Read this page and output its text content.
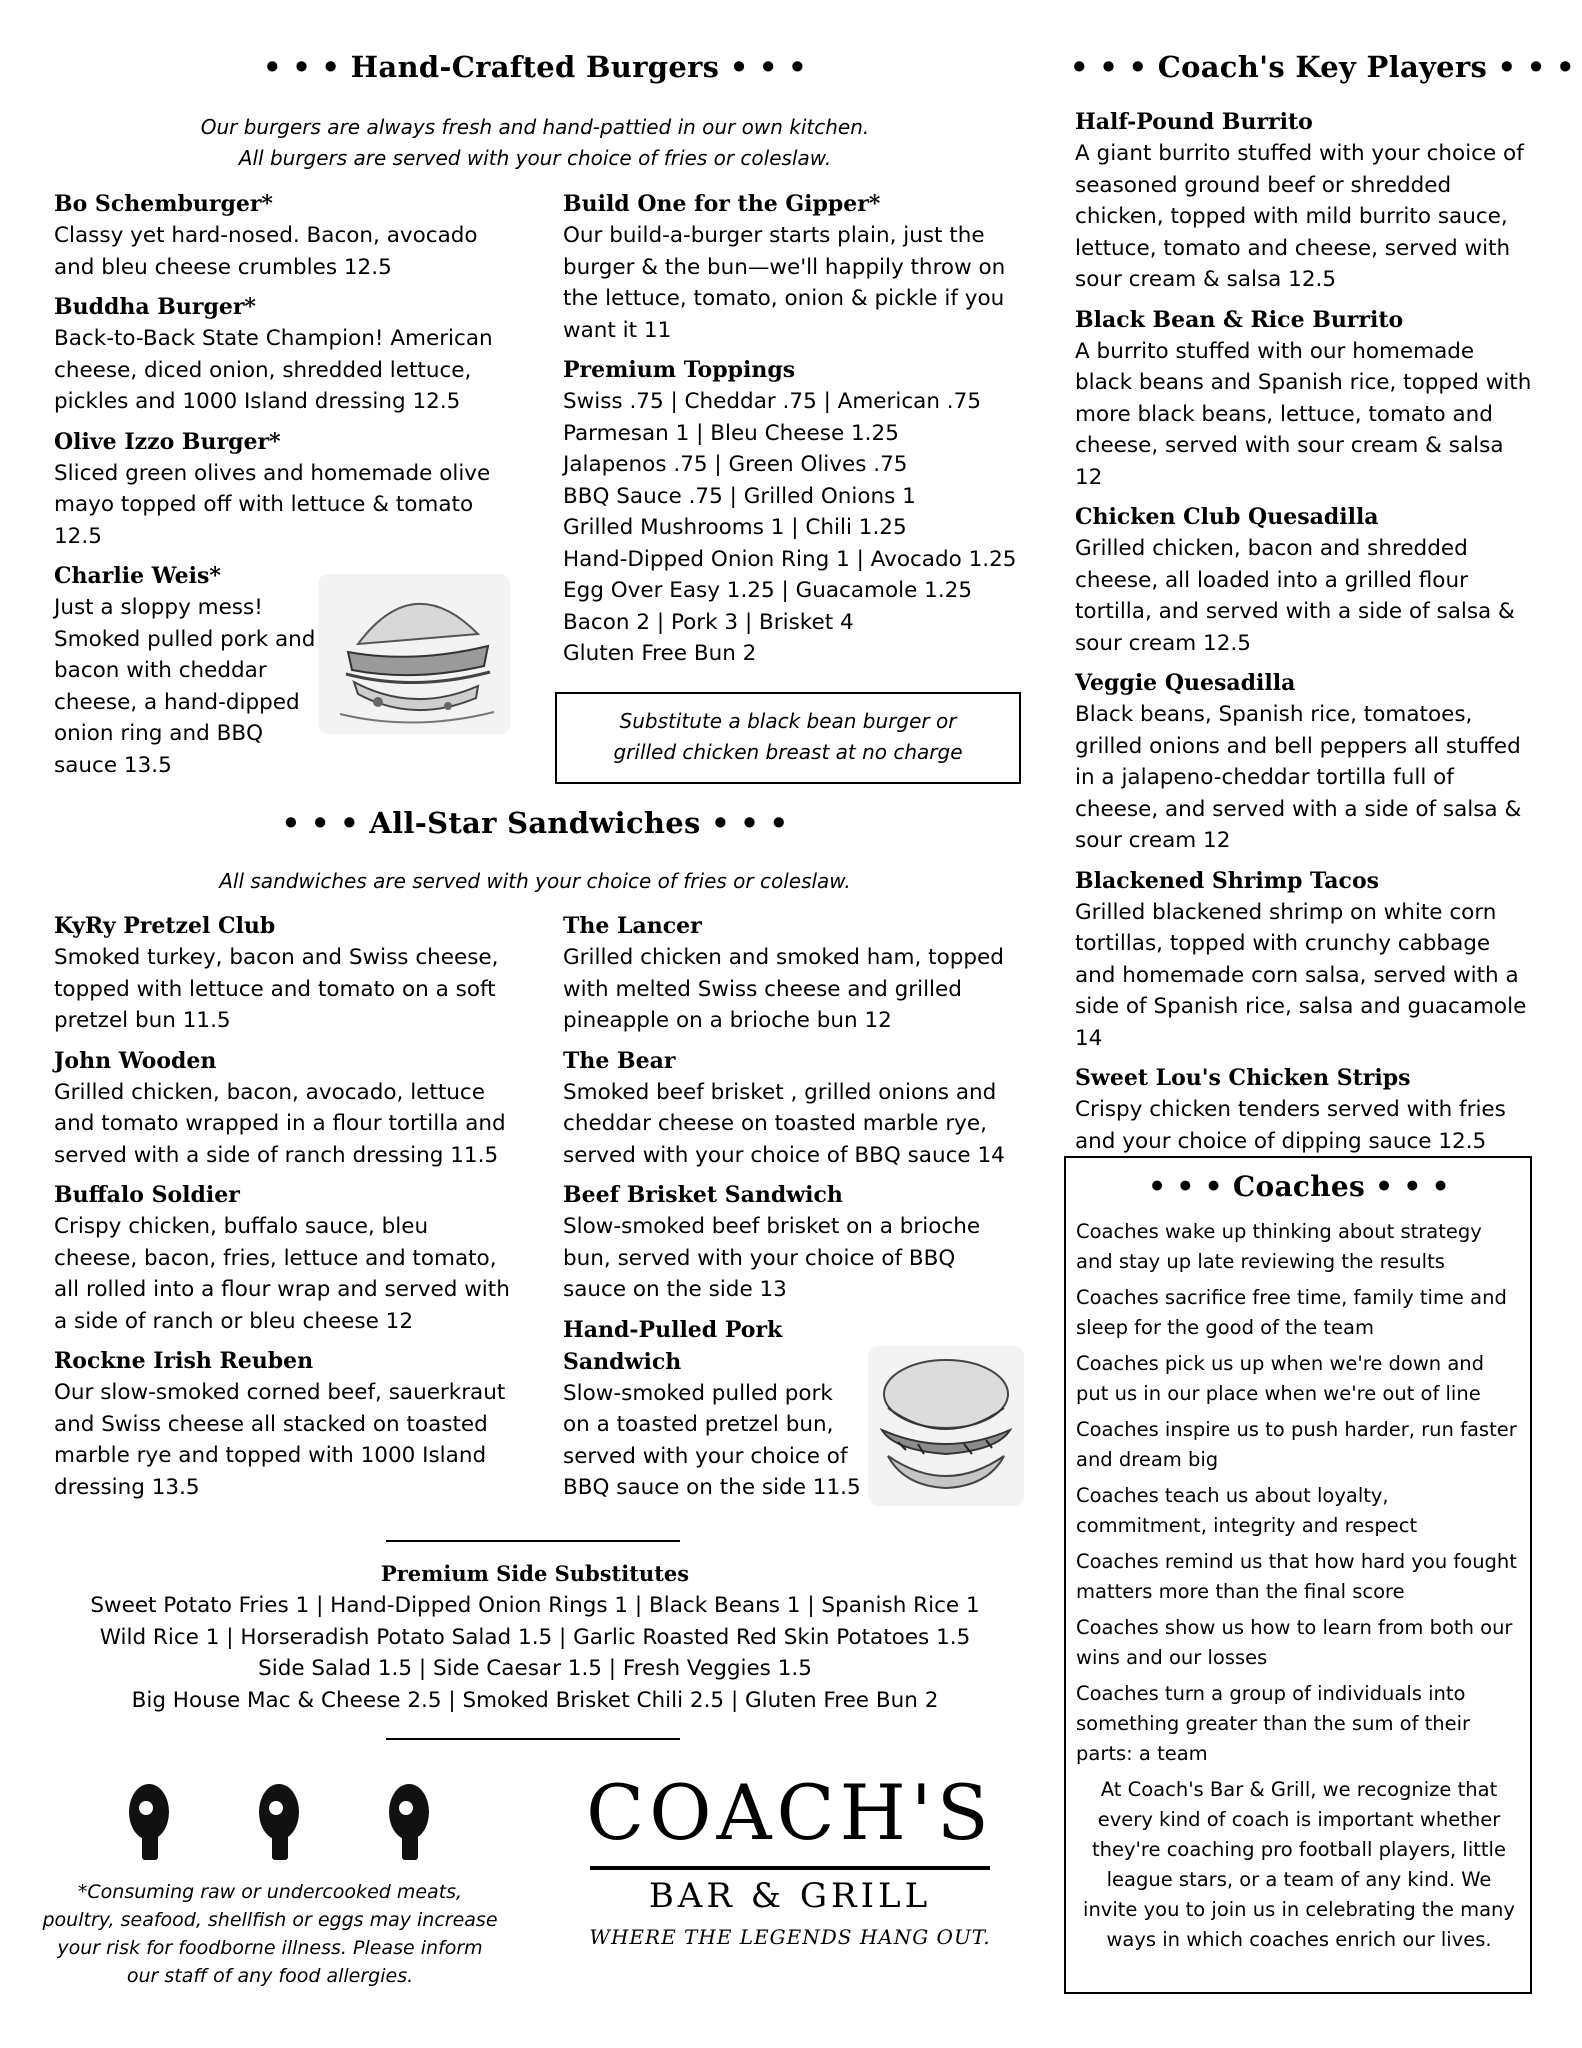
• • • Hand-Crafted Burgers • • •
Our burgers are always fresh and hand-pattied in our own kitchen.
All burgers are served with your choice of fries or coleslaw.
Bo Schemburger*
Classy yet hard-nosed. Bacon, avocado and bleu cheese crumbles 12.5
Buddha Burger*
Back-to-Back State Champion! American cheese, diced onion, shredded lettuce, pickles and 1000 Island dressing 12.5
Olive Izzo Burger*
Sliced green olives and homemade olive mayo topped off with lettuce & tomato 12.5
Charlie Weis*
Just a sloppy mess! Smoked pulled pork and bacon with cheddar cheese, a hand-dipped onion ring and BBQ sauce 13.5
Build One for the Gipper*
Our build-a-burger starts plain, just the burger & the bun—we'll happily throw on the lettuce, tomato, onion & pickle if you want it 11
Premium Toppings
Swiss .75 | Cheddar .75 | American .75
Parmesan 1 | Bleu Cheese 1.25
Jalapenos .75 | Green Olives .75
BBQ Sauce .75 | Grilled Onions 1
Grilled Mushrooms 1 | Chili 1.25
Hand-Dipped Onion Ring 1 | Avocado 1.25
Egg Over Easy 1.25 | Guacamole 1.25
Bacon 2 | Pork 3 | Brisket 4
Gluten Free Bun 2
Substitute a black bean burger or
grilled chicken breast at no charge
• • • All-Star Sandwiches • • •
All sandwiches are served with your choice of fries or coleslaw.
KyRy Pretzel Club
Smoked turkey, bacon and Swiss cheese, topped with lettuce and tomato on a soft pretzel bun 11.5
John Wooden
Grilled chicken, bacon, avocado, lettuce and tomato wrapped in a flour tortilla and served with a side of ranch dressing 11.5
Buffalo Soldier
Crispy chicken, buffalo sauce, bleu cheese, bacon, fries, lettuce and tomato, all rolled into a flour wrap and served with a side of ranch or bleu cheese 12
Rockne Irish Reuben
Our slow-smoked corned beef, sauerkraut and Swiss cheese all stacked on toasted marble rye and topped with 1000 Island dressing 13.5
The Lancer
Grilled chicken and smoked ham, topped with melted Swiss cheese and grilled pineapple on a brioche bun 12
The Bear
Smoked beef brisket , grilled onions and cheddar cheese on toasted marble rye, served with your choice of BBQ sauce 14
Beef Brisket Sandwich
Slow-smoked beef brisket on a brioche bun, served with your choice of BBQ sauce on the side 13
Hand-Pulled Pork Sandwich
Slow-smoked pulled pork on a toasted pretzel bun, served with your choice of BBQ sauce on the side 11.5
Premium Side Substitutes
Sweet Potato Fries 1 | Hand-Dipped Onion Rings 1 | Black Beans 1 | Spanish Rice 1
Wild Rice 1 | Horseradish Potato Salad 1.5 | Garlic Roasted Red Skin Potatoes 1.5
Side Salad 1.5 | Side Caesar 1.5 | Fresh Veggies 1.5
Big House Mac & Cheese 2.5 | Smoked Brisket Chili 2.5 | Gluten Free Bun 2
*Consuming raw or undercooked meats,
poultry, seafood, shellfish or eggs may increase
your risk for foodborne illness. Please inform
our staff of any food allergies.
COACH'S
BAR & GRILL
WHERE THE LEGENDS HANG OUT.
• • • Coach's Key Players • • •
Half-Pound Burrito
A giant burrito stuffed with your choice of seasoned ground beef or shredded chicken, topped with mild burrito sauce, lettuce, tomato and cheese, served with sour cream & salsa 12.5
Black Bean & Rice Burrito
A burrito stuffed with our homemade black beans and Spanish rice, topped with more black beans, lettuce, tomato and cheese, served with sour cream & salsa 12
Chicken Club Quesadilla
Grilled chicken, bacon and shredded cheese, all loaded into a grilled flour tortilla, and served with a side of salsa & sour cream 12.5
Veggie Quesadilla
Black beans, Spanish rice, tomatoes, grilled onions and bell peppers all stuffed in a jalapeno-cheddar tortilla full of cheese, and served with a side of salsa & sour cream 12
Blackened Shrimp Tacos
Grilled blackened shrimp on white corn tortillas, topped with crunchy cabbage and homemade corn salsa, served with a side of Spanish rice, salsa and guacamole 14
Sweet Lou's Chicken Strips
Crispy chicken tenders served with fries and your choice of dipping sauce 12.5
• • • Coaches • • •
Coaches wake up thinking about strategy and stay up late reviewing the results
Coaches sacrifice free time, family time and sleep for the good of the team
Coaches pick us up when we're down and put us in our place when we're out of line
Coaches inspire us to push harder, run faster and dream big
Coaches teach us about loyalty, commitment, integrity and respect
Coaches remind us that how hard you fought matters more than the final score
Coaches show us how to learn from both our wins and our losses
Coaches turn a group of individuals into something greater than the sum of their parts: a team
At Coach's Bar & Grill, we recognize that every kind of coach is important whether they're coaching pro football players, little league stars, or a team of any kind. We invite you to join us in celebrating the many ways in which coaches enrich our lives.
